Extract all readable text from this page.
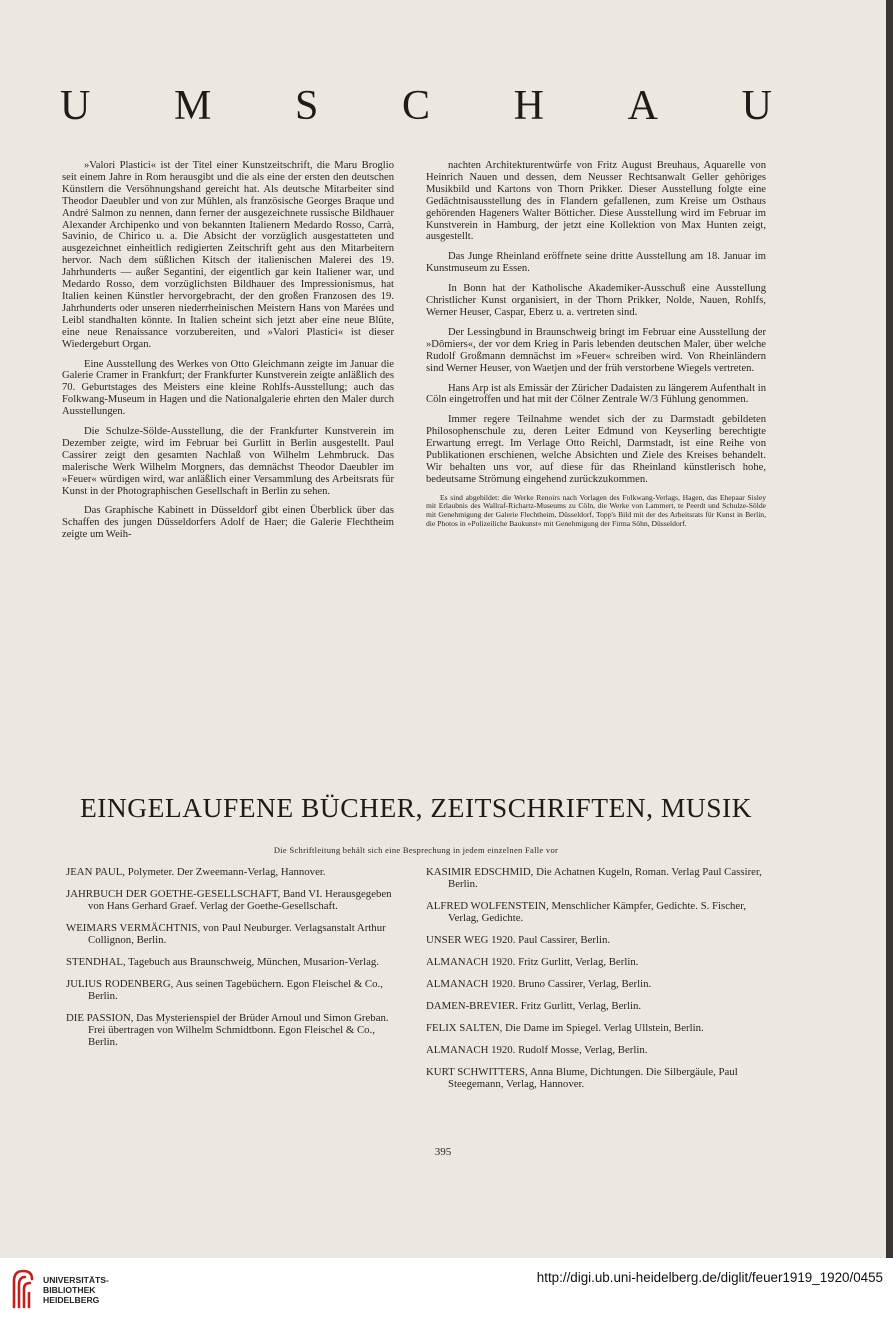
U M S C H A U

»Valori Plastici« ist der Titel einer Kunstzeitschrift, die Maru Broglio seit einem Jahre in Rom herausgibt und die als eine der ersten den deutschen Künstlern die Versöhnungshand gereicht hat. Als deutsche Mitarbeiter sind Theodor Daeubler und von zur Mühlen, als französische Georges Braque und André Salmon zu nennen, dann ferner der ausgezeichnete russische Bildhauer Alexander Archipenko und von bekannten Italienern Medardo Rosso, Carrà, Savinio, de Chirico u. a. Die Absicht der vorzüglich ausgestatteten und ausgezeichnet einheitlich redigierten Zeitschrift geht aus den Mitarbeitern hervor. Nach dem süßlichen Kitsch der italienischen Malerei des 19. Jahrhunderts — außer Segantini, der eigentlich gar kein Italiener war, und Medardo Rosso, dem vorzüglichsten Bildhauer des Impressionismus, hat Italien keinen Künstler hervorgebracht, der den großen Franzosen des 19. Jahrhunderts oder unseren niederrheinischen Meistern Hans von Marées und Leibl standhalten könnte. In Italien scheint sich jetzt aber eine neue Blüte, eine neue Renaissance vorzubereiten, und »Valori Plastici« ist dieser Wiedergeburt Organ.

Eine Ausstellung des Werkes von Otto Gleichmann zeigte im Januar die Galerie Cramer in Frankfurt; der Frankfurter Kunstverein zeigte anläßlich des 70. Geburtstages des Meisters eine kleine Rohlfs-Ausstellung; auch das Folkwang-Museum in Hagen und die Nationalgalerie ehrten den Maler durch Ausstellungen.

Die Schulze-Sölde-Ausstellung, die der Frankfurter Kunstverein im Dezember zeigte, wird im Februar bei Gurlitt in Berlin ausgestellt. Paul Cassirer zeigt den gesamten Nachlaß von Wilhelm Lehmbruck. Das malerische Werk Wilhelm Morgners, das demnächst Theodor Daeubler im »Feuer« würdigen wird, war anläßlich einer Versammlung des Arbeitsrats für Kunst in der Photographischen Gesellschaft in Berlin zu sehen.

Das Graphische Kabinett in Düsseldorf gibt einen Überblick über das Schaffen des jungen Düsseldorfers Adolf de Haer; die Galerie Flechtheim zeigte um Weih-

nachten Architekturentwürfe von Fritz August Breuhaus, Aquarelle von Heinrich Nauen und dessen, dem Neusser Rechtsanwalt Geller gehöriges Musikbild und Kartons von Thorn Prikker. Dieser Ausstellung folgte eine Gedächtnisausstellung des in Flandern gefallenen, zum Kreise um Osthaus gehörenden Hageners Walter Bötticher. Diese Ausstellung wird im Februar im Kunstverein in Hamburg, der jetzt eine Kollektion von Max Hunten zeigt, ausgestellt.

Das Junge Rheinland eröffnete seine dritte Ausstellung am 18. Januar im Kunstmuseum zu Essen.

In Bonn hat der Katholische Akademiker-Ausschuß eine Ausstellung Christlicher Kunst organisiert, in der Thorn Prikker, Nolde, Nauen, Rohlfs, Werner Heuser, Caspar, Eberz u. a. vertreten sind.

Der Lessingbund in Braunschweig bringt im Februar eine Ausstellung der »Dômiers«, der vor dem Krieg in Paris lebenden deutschen Maler, über welche Rudolf Großmann demnächst im »Feuer« schreiben wird. Von Rheinländern sind Werner Heuser, von Waetjen und der früh verstorbene Wiegels vertreten.

Hans Arp ist als Emissär der Züricher Dadaisten zu längerem Aufenthalt in Cöln eingetroffen und hat mit der Cölner Zentrale W/3 Fühlung genommen.

Immer regere Teilnahme wendet sich der zu Darmstadt gebildeten Philosophenschule zu, deren Leiter Edmund von Keyserling berechtigte Erwartung erregt. Im Verlage Otto Reichl, Darmstadt, ist eine Reihe von Publikationen erschienen, welche Absichten und Ziele des Kreises behandelt. Wir behalten uns vor, auf diese für das Rheinland künstlerisch hohe, bedeutsame Strömung eingehend zurückzukommen.

Es sind abgebildet: die Werke Renoirs nach Vorlagen des Folkwang-Verlags, Hagen, das Ehepaar Sisley mit Erlaubnis des Wallraf-Richartz-Museums zu Cöln, die Werke von Lammert, te Peerdt und Schulze-Sölde mit Genehmigung der Galerie Flechtheim, Düsseldorf, Topp's Bild mit der des Arbeitsrats für Kunst in Berlin, die Photos in »Polizeiliche Baukunst« mit Genehmigung der Firma Söhn, Düsseldorf.

EINGELAUFENE BÜCHER, ZEITSCHRIFTEN, MUSIK
Die Schriftleitung behält sich eine Besprechung in jedem einzelnen Falle vor
JEAN PAUL, Polymeter. Der Zweemann-Verlag, Hannover.
JAHRBUCH DER GOETHE-GESELLSCHAFT, Band VI. Herausgegeben von Hans Gerhard Graef. Verlag der Goethe-Gesellschaft.
WEIMARS VERMÄCHTNIS, von Paul Neuburger. Verlagsanstalt Arthur Collignon, Berlin.
STENDHAL, Tagebuch aus Braunschweig, München, Musarion-Verlag.
JULIUS RODENBERG, Aus seinen Tagebüchern. Egon Fleischel & Co., Berlin.
DIE PASSION, Das Mysterienspiel der Brüder Arnoul und Simon Greban. Frei übertragen von Wilhelm Schmidtbonn. Egon Fleischel & Co., Berlin.
KASIMIR EDSCHMID, Die Achatnen Kugeln, Roman. Verlag Paul Cassirer, Berlin.
ALFRED WOLFENSTEIN, Menschlicher Kämpfer, Gedichte. S. Fischer, Verlag, Gedichte.
UNSER WEG 1920. Paul Cassirer, Berlin.
ALMANACH 1920. Fritz Gurlitt, Verlag, Berlin.
ALMANACH 1920. Bruno Cassirer, Verlag, Berlin.
DAMEN-BREVIER. Fritz Gurlitt, Verlag, Berlin.
FELIX SALTEN, Die Dame im Spiegel. Verlag Ullstein, Berlin.
ALMANACH 1920. Rudolf Mosse, Verlag, Berlin.
KURT SCHWITTERS, Anna Blume, Dichtungen. Die Silbergäule, Paul Steegemann, Verlag, Hannover.
395
UNIVERSITÄTS-
BIBLIOTHEK
HEIDELBERG
http://digi.ub.uni-heidelberg.de/diglit/feuer1919_1920/0455
